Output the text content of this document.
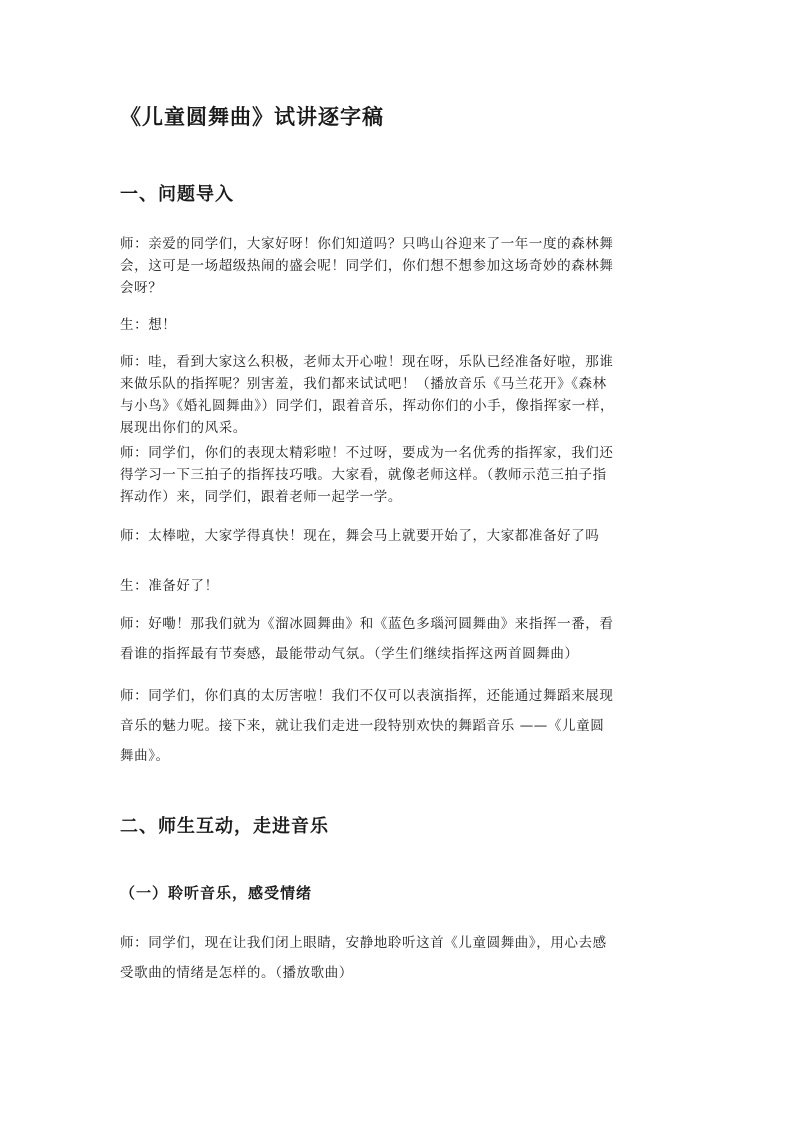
《儿童圆舞曲》试讲逐字稿
一、问题导入

师：亲爱的同学们，大家好呀！你们知道吗？只鸣山谷迎来了一年一度的森林舞
会，这可是一场超级热闹的盛会呢！同学们，你们想不想参加这场奇妙的森林舞
会呀？

生：想！

师：哇，看到大家这么积极，老师太开心啦！现在呀，乐队已经准备好啦，那谁
来做乐队的指挥呢？别害羞，我们都来试试吧！（播放音乐《马兰花开》《森林
与小鸟》《婚礼圆舞曲》）同学们，跟着音乐，挥动你们的小手，像指挥家一样，
展现出你们的风采。

师：同学们，你们的表现太精彩啦！不过呀，要成为一名优秀的指挥家，我们还
得学习一下三拍子的指挥技巧哦。大家看，就像老师这样。（教师示范三拍子指
挥动作）来，同学们，跟着老师一起学一学。

师：太棒啦，大家学得真快！现在，舞会马上就要开始了，大家都准备好了吗

生：准备好了！

师：好嘞！那我们就为《溜冰圆舞曲》和《蓝色多瑙河圆舞曲》来指挥一番，看
看谁的指挥最有节奏感，最能带动气氛。（学生们继续指挥这两首圆舞曲）

师：同学们，你们真的太厉害啦！我们不仅可以表演指挥，还能通过舞蹈来展现
音乐的魅力呢。接下来，就让我们走进一段特别欢快的舞蹈音乐 ——《儿童圆
舞曲》。

二、师生互动，走进音乐
（一）聆听音乐，感受情绪

师：同学们，现在让我们闭上眼睛，安静地聆听这首《儿童圆舞曲》，用心去感
受歌曲的情绪是怎样的。（播放歌曲）
